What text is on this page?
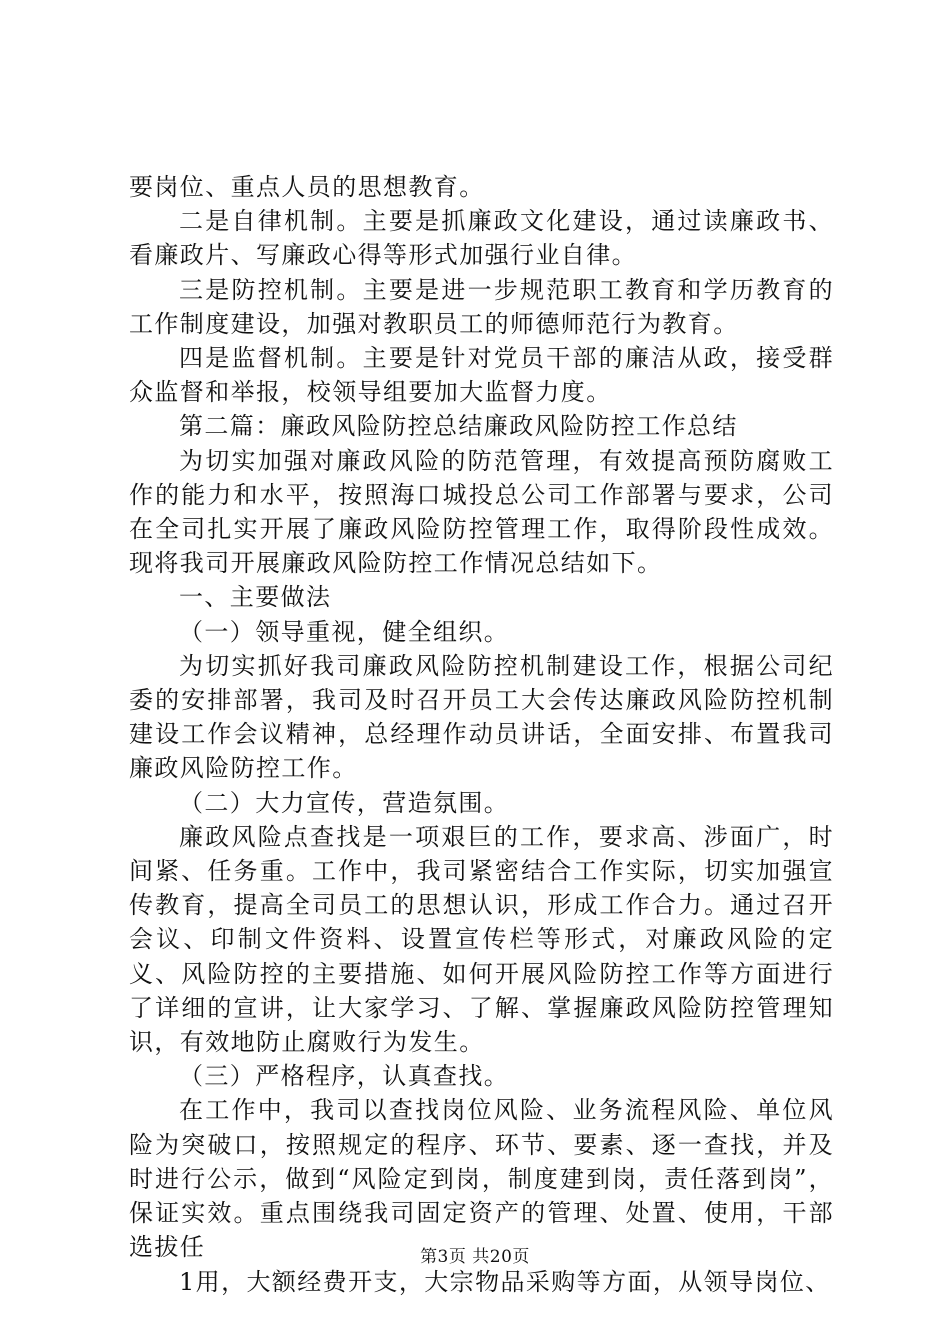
要岗位、重点人员的思想教育。

二是自律机制。主要是抓廉政文化建设，通过读廉政书、看廉政片、写廉政心得等形式加强行业自律。

三是防控机制。主要是进一步规范职工教育和学历教育的工作制度建设，加强对教职员工的师德师范行为教育。

四是监督机制。主要是针对党员干部的廉洁从政，接受群众监督和举报，校领导组要加大监督力度。

第二篇：廉政风险防控总结廉政风险防控工作总结

为切实加强对廉政风险的防范管理，有效提高预防腐败工作的能力和水平，按照海口城投总公司工作部署与要求，公司在全司扎实开展了廉政风险防控管理工作，取得阶段性成效。现将我司开展廉政风险防控工作情况总结如下。

一、主要做法

（一）领导重视，健全组织。

为切实抓好我司廉政风险防控机制建设工作，根据公司纪委的安排部署，我司及时召开员工大会传达廉政风险防控机制建设工作会议精神，总经理作动员讲话，全面安排、布置我司廉政风险防控工作。

（二）大力宣传，营造氛围。

廉政风险点查找是一项艰巨的工作，要求高、涉面广，时间紧、任务重。工作中，我司紧密结合工作实际，切实加强宣传教育，提高全司员工的思想认识，形成工作合力。通过召开会议、印制文件资料、设置宣传栏等形式，对廉政风险的定义、风险防控的主要措施、如何开展风险防控工作等方面进行了详细的宣讲，让大家学习、了解、掌握廉政风险防控管理知识，有效地防止腐败行为发生。

（三）严格程序，认真查找。

在工作中，我司以查找岗位风险、业务流程风险、单位风险为突破口，按照规定的程序、环节、要素、逐一查找，并及时进行公示，做到“风险定到岗，制度建到岗，责任落到岗”，保证实效。重点围绕我司固定资产的管理、处置、使用，干部选拔任

1用，大额经费开支，大宗物品采购等方面，从领导岗位、

第3页 共20页
